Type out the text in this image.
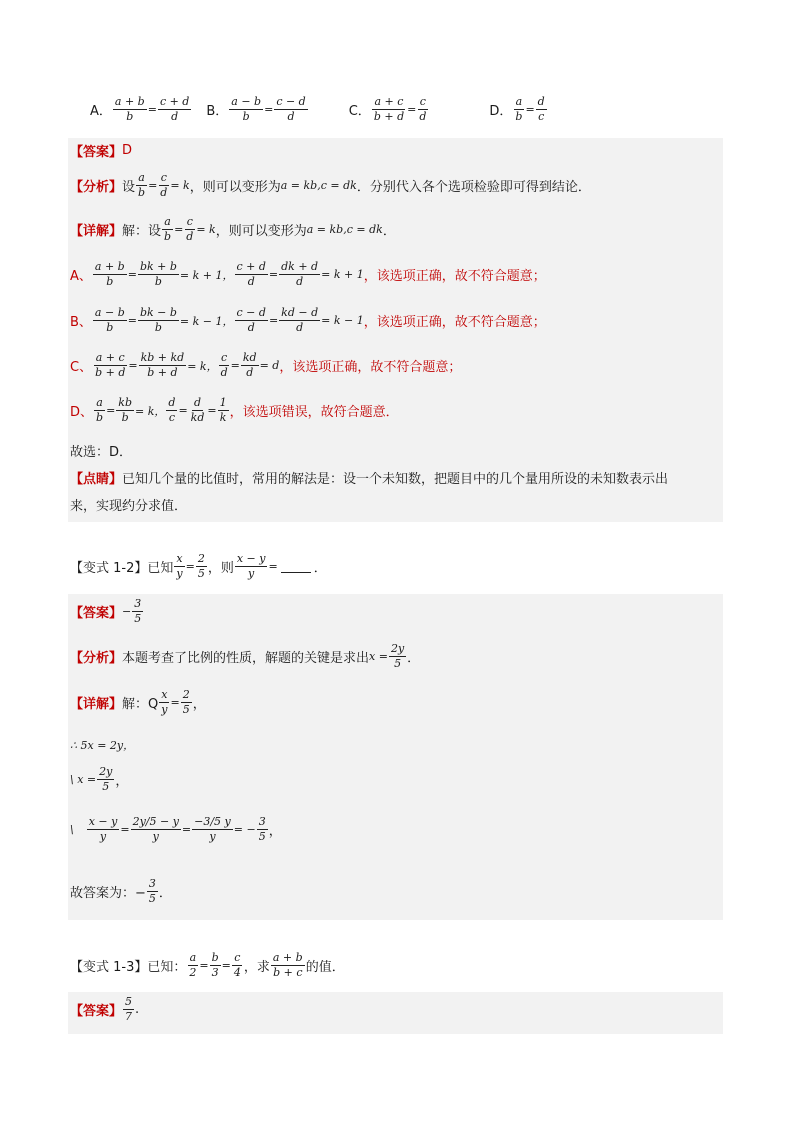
A． $\frac{a + b}{b} = \frac{c + d}{d}$ B． $\frac{a - b}{b} = \frac{c - d}{d}$	C． $\frac{a + c}{b + d} = \frac{c}{d}$	D． $\frac{a}{b} = \frac{d}{c}$
【答案】 D
【分析】 设 $\frac{a}{b} = \frac{c}{d} = k$ ，则可以变形为 a = kb,c = dk ．分别代入各个选项检验即可得到结论．
【详解】 解：设 $\frac{a}{b} = \frac{c}{d} = k$ ，则可以变形为 a = kb,c = dk ．
A、 $\frac{a + b}{b} = \frac{bk + b}{b} = k + 1$， $\frac{c + d}{d} = \frac{dk + d}{d} = k + 1$ ，该选项正确，故不符合题意；
B、 $\frac{a - b}{b} = \frac{bk - b}{b} = k - 1$， $\frac{c - d}{d} = \frac{kd - d}{d} = k - 1$ ，该选项正确，故不符合题意；
C、 $\frac{a + c}{b + d} = \frac{kb + kd}{b + d} = k$， $\frac{c}{d} = \frac{kd}{d} = d$ ，该选项正确，故不符合题意；
D、 $\frac{a}{b} = \frac{kb}{b} = k$， $\frac{d}{c} = \frac{d}{kd} = \frac{1}{k}$ ，该选项错误，故符合题意．
故选：D．
【点睛】已知几个量的比值时，常用的解法是：设一个未知数，把题目中的几个量用所设的未知数表示出
来，实现约分求值．
【变式 1-2】已知 $\frac{x}{y} = \frac{2}{5}$ ，则 $\frac{x - y}{y}$ =	．
【答案】 − $\frac{3}{5}$
【分析】 本题考查了比例的性质，解题的关键是求出 $x = \frac{2y}{5}$ ．
【详解】 解：Q $\frac{x}{y} = \frac{2}{5}$ ，
∴ 5x = 2y，
\ $x = \frac{2y}{5}$ ，
\ $\frac{x - y}{y} = \frac{2y/5 - y}{y} = \frac{-3/5 y}{y}$ = − $\frac{3}{5}$ ，
故答案为：− $\frac{3}{5}$ ．
【变式 1-3】已知： $\frac{a}{2} = \frac{b}{3} = \frac{c}{4}$ ，求
a + b
b + c 的值．
【答案】
5
7 .
